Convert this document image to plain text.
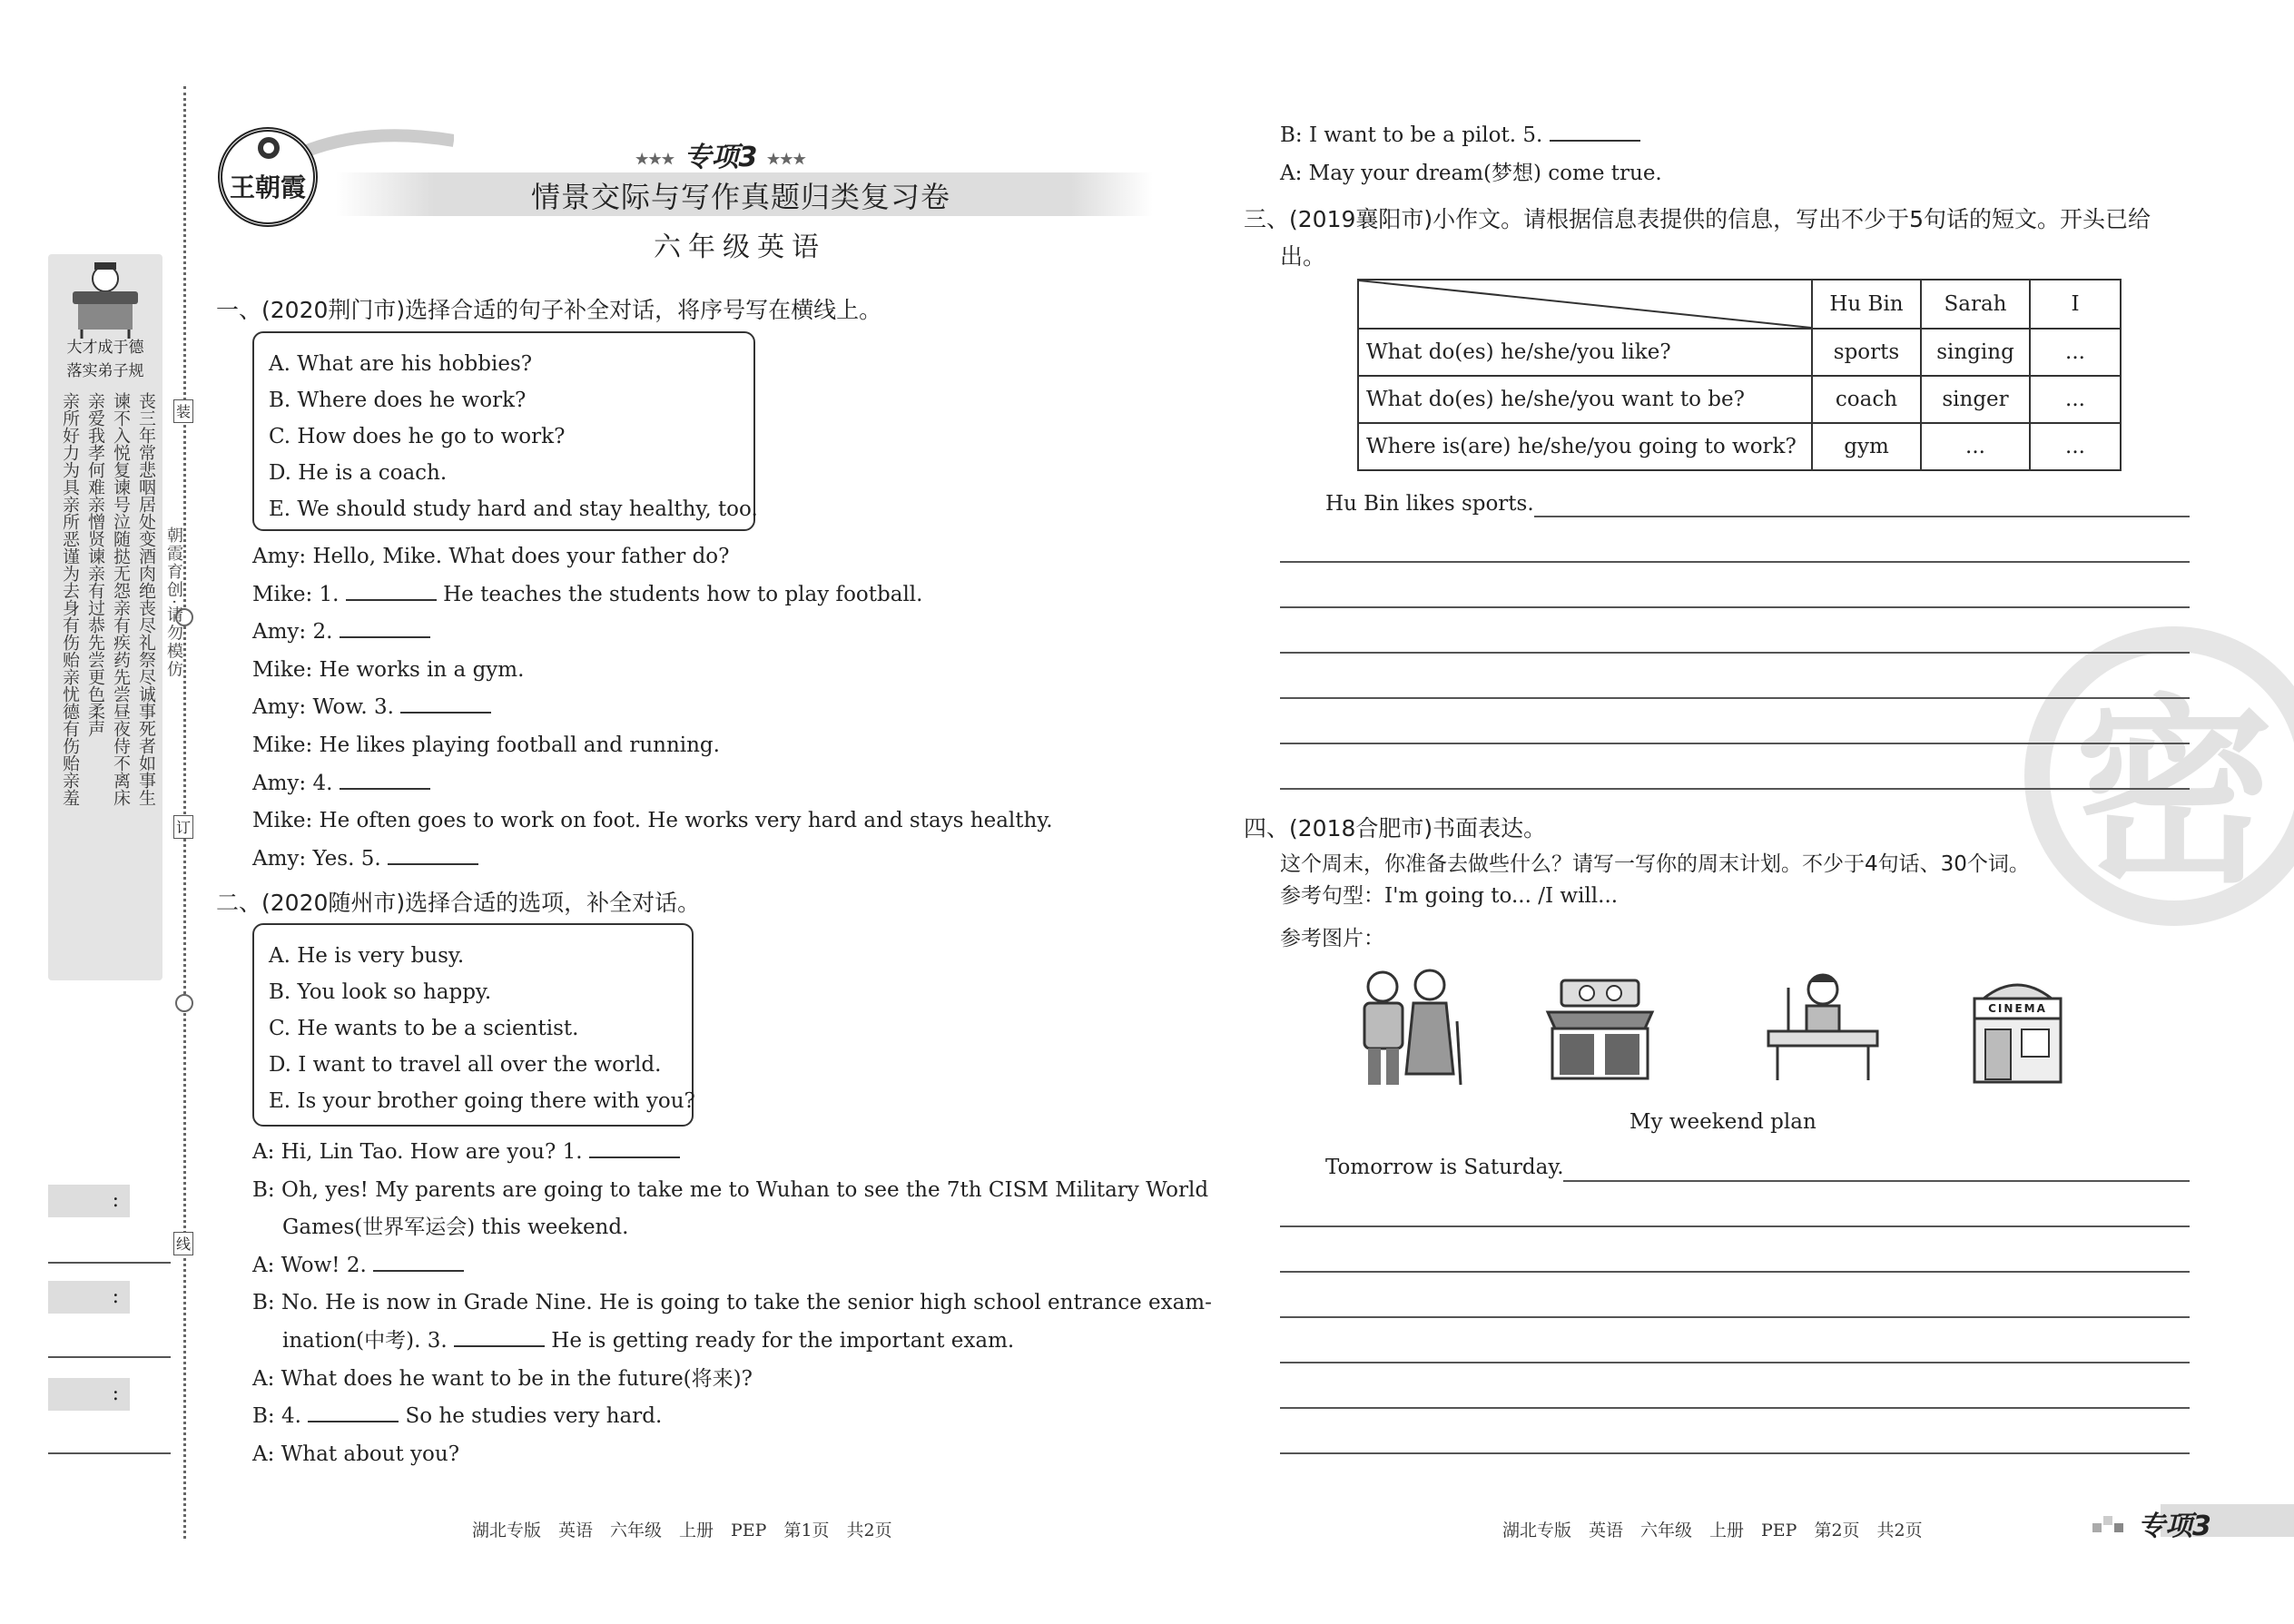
大才成于德
落实弟子规
丧三年常悲咽居处变酒肉绝丧尽礼祭尽诚事死者如事生
谏不入悦复谏号泣随挞无怨亲有疾药先尝昼夜侍不离床
亲爱我孝何难亲憎贤谏亲有过恭先尝更色柔声
亲所好力为具亲所恶谨为去身有伤贻亲忧德有伤贻亲羞	装
订
线
朝霞育创·请勿模仿
:
:
:
王朝霞
★★★ 专项3 ★★★
情景交际与写作真题归类复习卷
六年级英语
一、(2020荆门市)选择合适的句子补全对话，将序号写在横线上。
A. What are his hobbies?
B. Where does he work?
C. How does he go to work?
D. He is a coach.
E. We should study hard and stay healthy, too.
Amy: Hello, Mike. What does your father do?
Mike: 1.	He teaches the students how to play football.
Amy: 2.
Mike: He works in a gym.
Amy: Wow. 3.
Mike: He likes playing football and running.
Amy: 4.
Mike: He often goes to work on foot. He works very hard and stays healthy.
Amy: Yes. 5.
二、(2020随州市)选择合适的选项，补全对话。
A. He is very busy.
B. You look so happy.
C. He wants to be a scientist.
D. I want to travel all over the world.
E. Is your brother going there with you?
A: Hi, Lin Tao. How are you? 1.
B: Oh, yes! My parents are going to take me to Wuhan to see the 7th CISM Military World
Games(世界军运会) this weekend.
A: Wow! 2.
B: No. He is now in Grade Nine. He is going to take the senior high school entrance exam-
ination(中考). 3.	He is getting ready for the important exam.
A: What does he want to be in the future(将来)?
B: 4.	So he studies very hard.
A: What about you?
湖北专版　英语　六年级　上册　PEP　第1页　共2页	湖北专版　英语　六年级　上册　PEP　第2页　共2页	专项3
B: I want to be a pilot. 5.
A: May your dream(梦想) come true.
密
三、(2019襄阳市)小作文。请根据信息表提供的信息，写出不少于5句话的短文。开头已给
出。
	Hu Bin	Sarah	I
What do(es) he/she/you like?	sports	singing	...
What do(es) he/she/you want to be?	coach	singer	...
Where is(are) he/she/you going to work?	gym	...	...
Hu Bin likes sports.
四、(2018合肥市)书面表达。
这个周末，你准备去做些什么？请写一写你的周末计划。不少于4句话、30个词。
参考句型：I'm going to... /I will...
参考图片：
CINEMA
My weekend plan
Tomorrow is Saturday.
